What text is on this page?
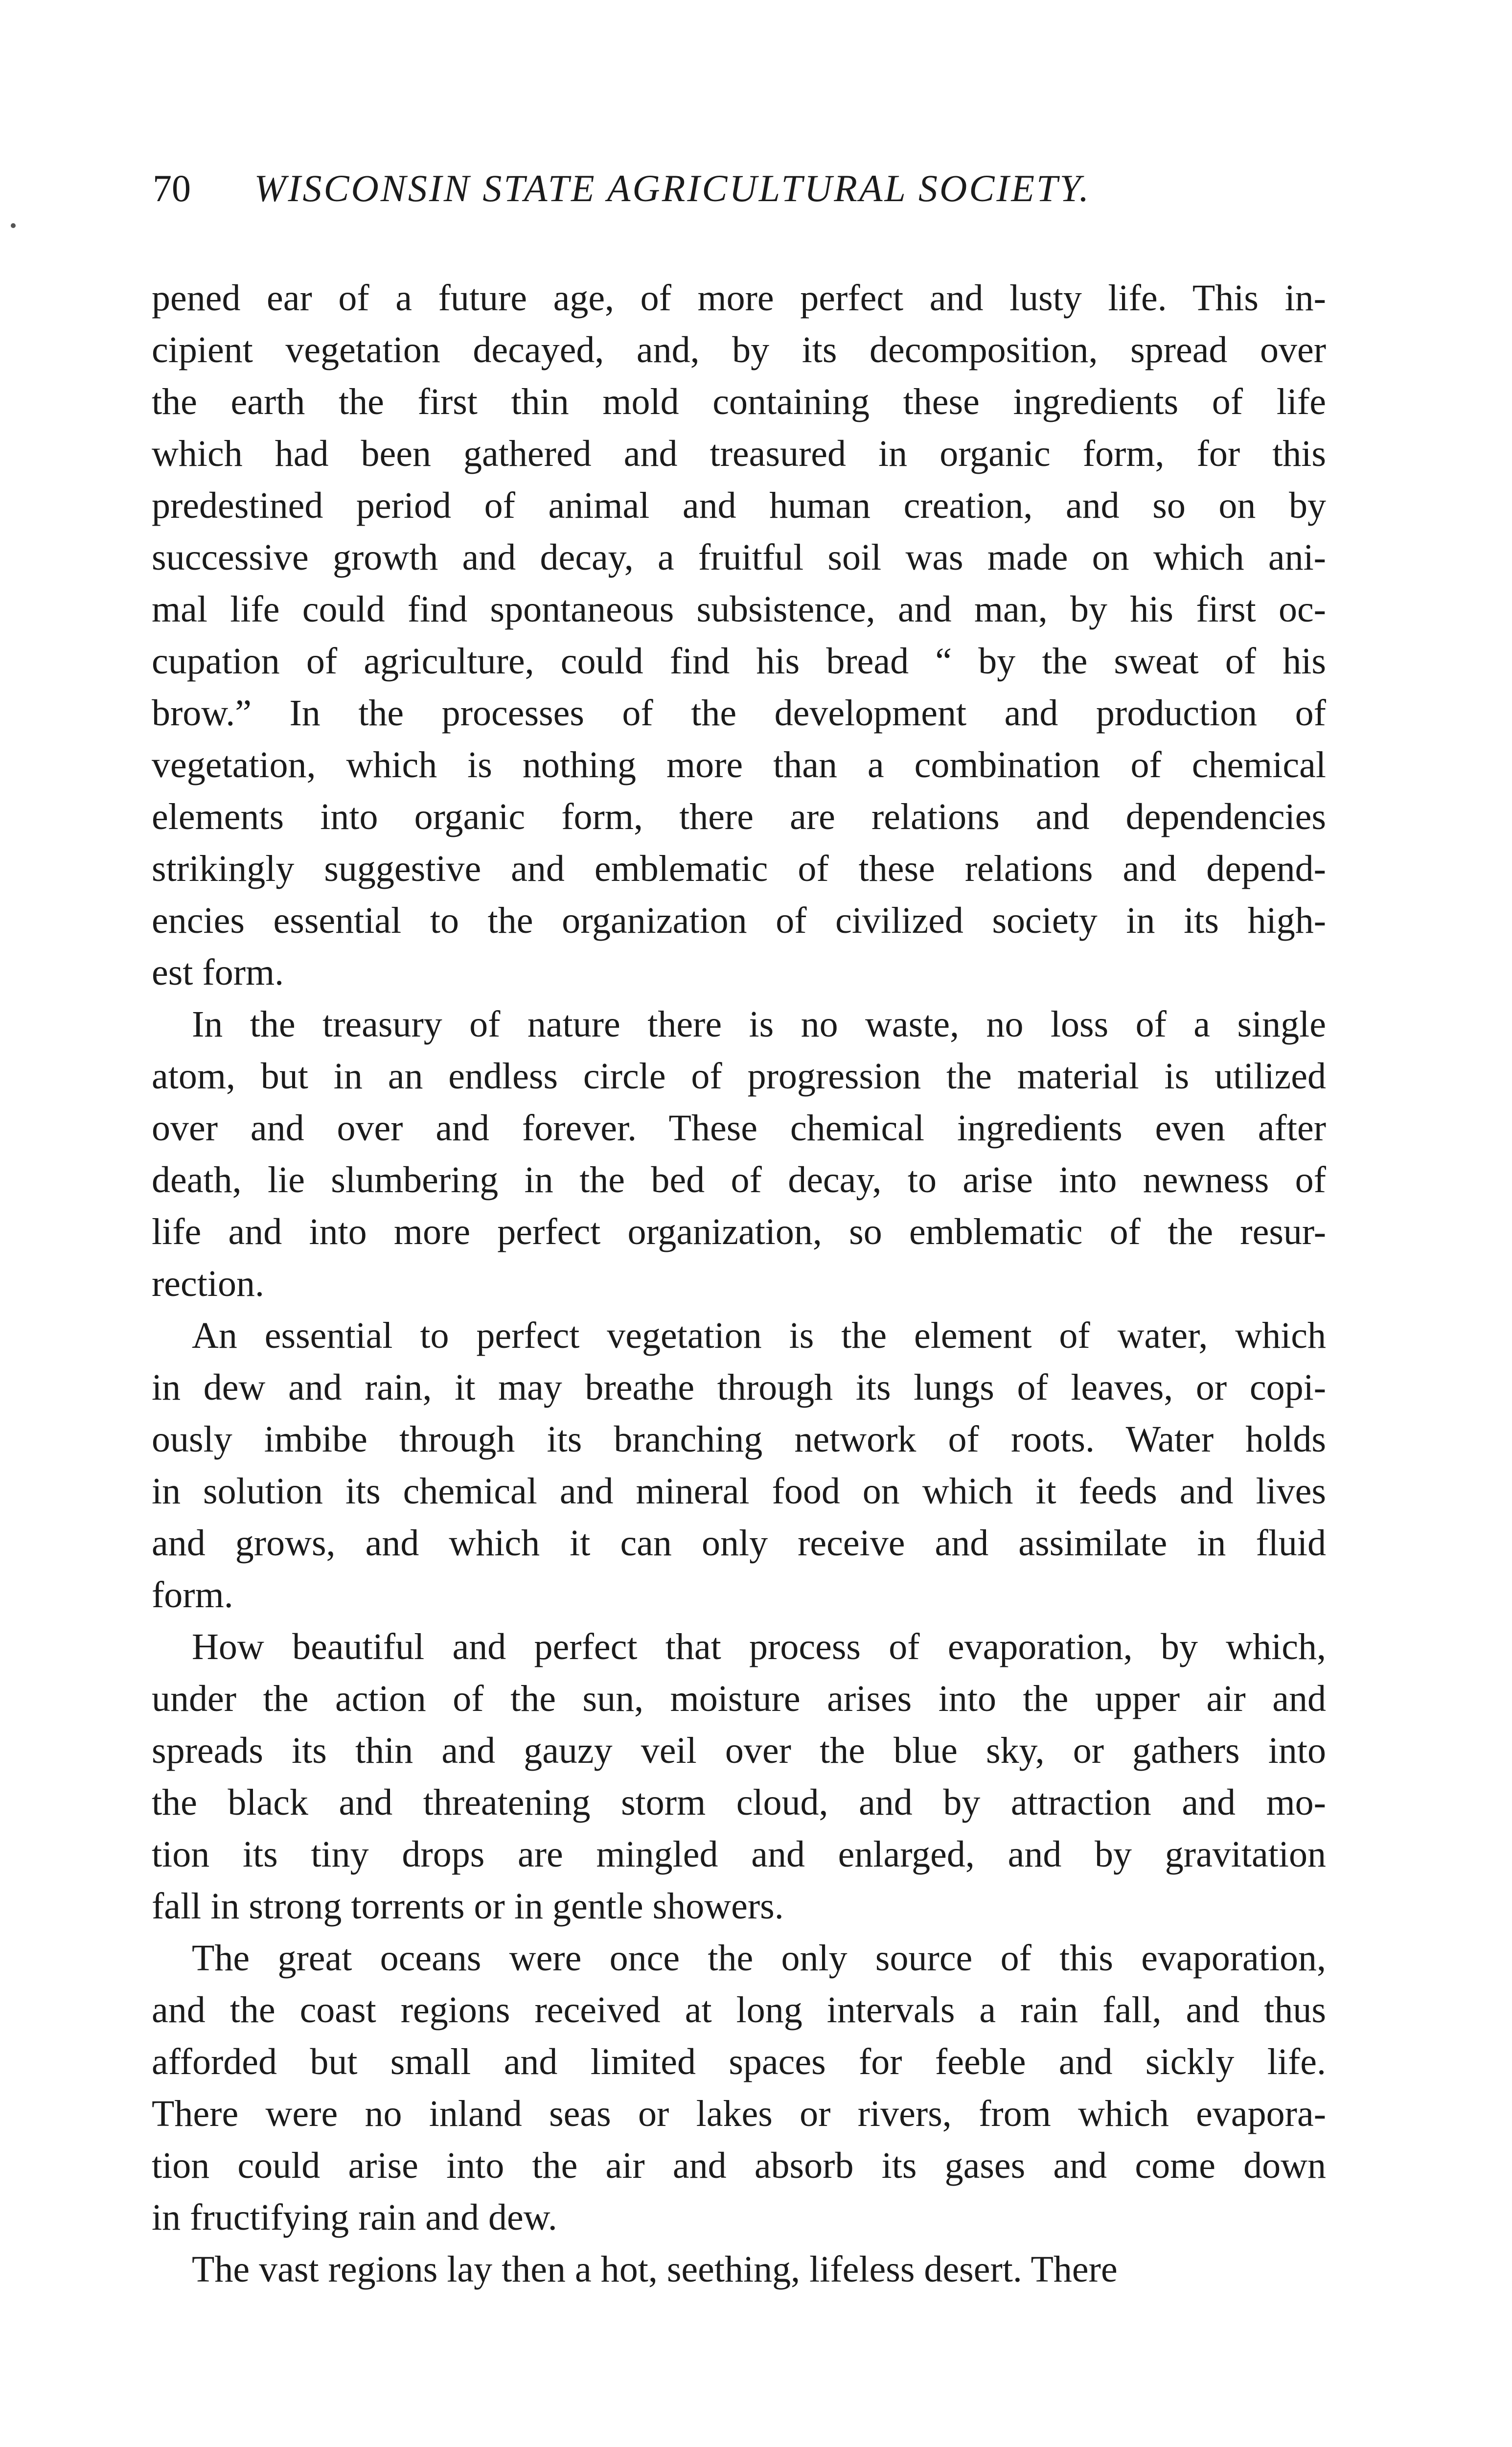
70 WISCONSIN STATE AGRICULTURAL SOCIETY.
pened ear of a future age, of more perfect and lusty life. This in-
cipient vegetation decayed, and, by its decomposition, spread over
the earth the first thin mold containing these ingredients of life
which had been gathered and treasured in organic form, for this
predestined period of animal and human creation, and so on by
successive growth and decay, a fruitful soil was made on which ani-
mal life could find spontaneous subsistence, and man, by his first oc-
cupation of agriculture, could find his bread “ by the sweat of his
brow.” In the processes of the development and production of
vegetation, which is nothing more than a combination of chemical
elements into organic form, there are relations and dependencies
strikingly suggestive and emblematic of these relations and depend-
encies essential to the organization of civilized society in its high-
est form.
In the treasury of nature there is no waste, no loss of a single
atom, but in an endless circle of progression the material is utilized
over and over and forever. These chemical ingredients even after
death, lie slumbering in the bed of decay, to arise into newness of
life and into more perfect organization, so emblematic of the resur-
rection.
An essential to perfect vegetation is the element of water, which
in dew and rain, it may breathe through its lungs of leaves, or copi-
ously imbibe through its branching network of roots. Water holds
in solution its chemical and mineral food on which it feeds and lives
and grows, and which it can only receive and assimilate in fluid
form.
How beautiful and perfect that process of evaporation, by which,
under the action of the sun, moisture arises into the upper air and
spreads its thin and gauzy veil over the blue sky, or gathers into
the black and threatening storm cloud, and by attraction and mo-
tion its tiny drops are mingled and enlarged, and by gravitation
fall in strong torrents or in gentle showers.
The great oceans were once the only source of this evaporation,
and the coast regions received at long intervals a rain fall, and thus
afforded but small and limited spaces for feeble and sickly life.
There were no inland seas or lakes or rivers, from which evapora-
tion could arise into the air and absorb its gases and come down
in fructifying rain and dew.
The vast regions lay then a hot, seething, lifeless desert. There
